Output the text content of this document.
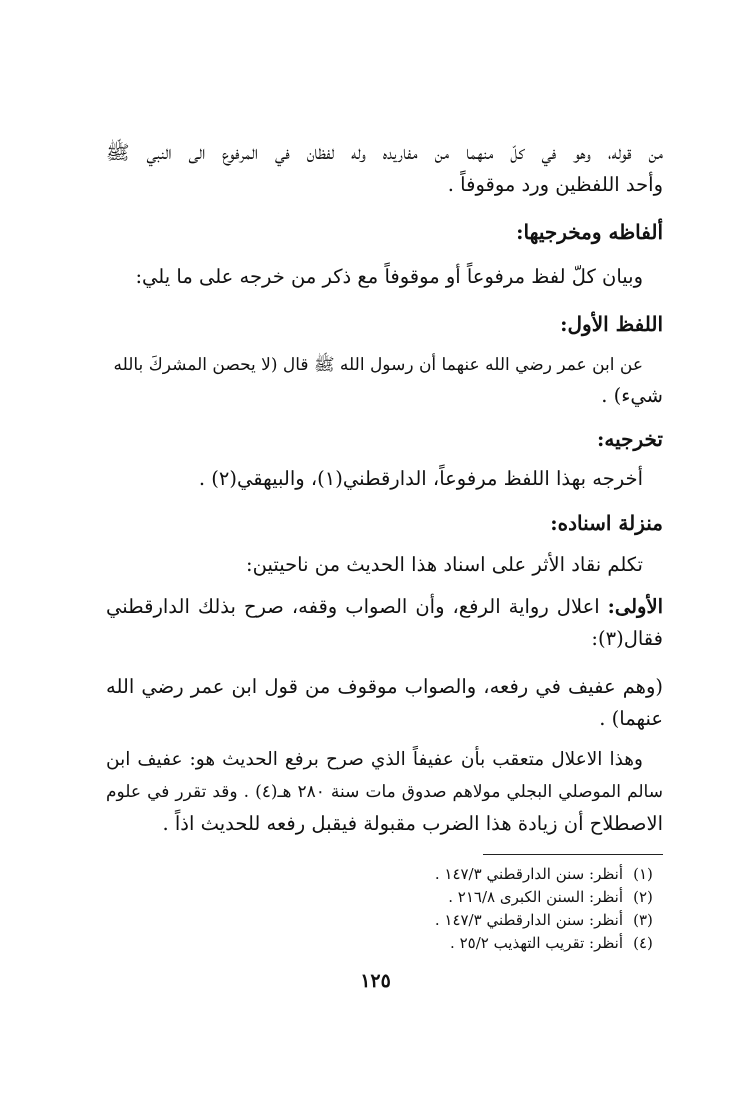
من قوله، وهو في كلّ منهما من مفاريده وله لفظان في المرفوع الى النبي ﷺ
وأحد اللفظين ورد موقوفاً .
ألفاظه ومخرجيها:
وبيان كلّ لفظ مرفوعاً أو موقوفاً مع ذكر من خرجه على ما يلي:
اللفظ الأول:
عن ابن عمر رضي الله عنهما أن رسول الله ﷺ قال (لا يحصن المشركَ بالله
شيء) .
تخرجيه:
أخرجه بهذا اللفظ مرفوعاً، الدارقطني(١)، والبيهقي(٢) .
منزلة اسناده:
تكلم نقاد الأثر على اسناد هذا الحديث من ناحيتين:
الأولى: اعلال رواية الرفع، وأن الصواب وقفه، صرح بذلك الدارقطني
فقال(٣):
(وهم عفيف في رفعه، والصواب موقوف من قول ابن عمر رضي الله
عنهما) .
وهذا الاعلال متعقب بأن عفيفاً الذي صرح برفع الحديث هو: عفيف ابن
سالم الموصلي البجلي مولاهم صدوق مات سنة ٢٨٠ هـ(٤) . وقد تقرر في علوم
الاصطلاح أن زيادة هذا الضرب مقبولة فيقبل رفعه للحديث اذاً .
(١)أنظر: سنن الدارقطني ١٤٧/٣ .
(٢)أنظر: السنن الكبرى ٢١٦/٨ .
(٣)أنظر: سنن الدارقطني ١٤٧/٣ .
(٤)أنظر: تقريب التهذيب ٢٥/٢ .
١٢٥
